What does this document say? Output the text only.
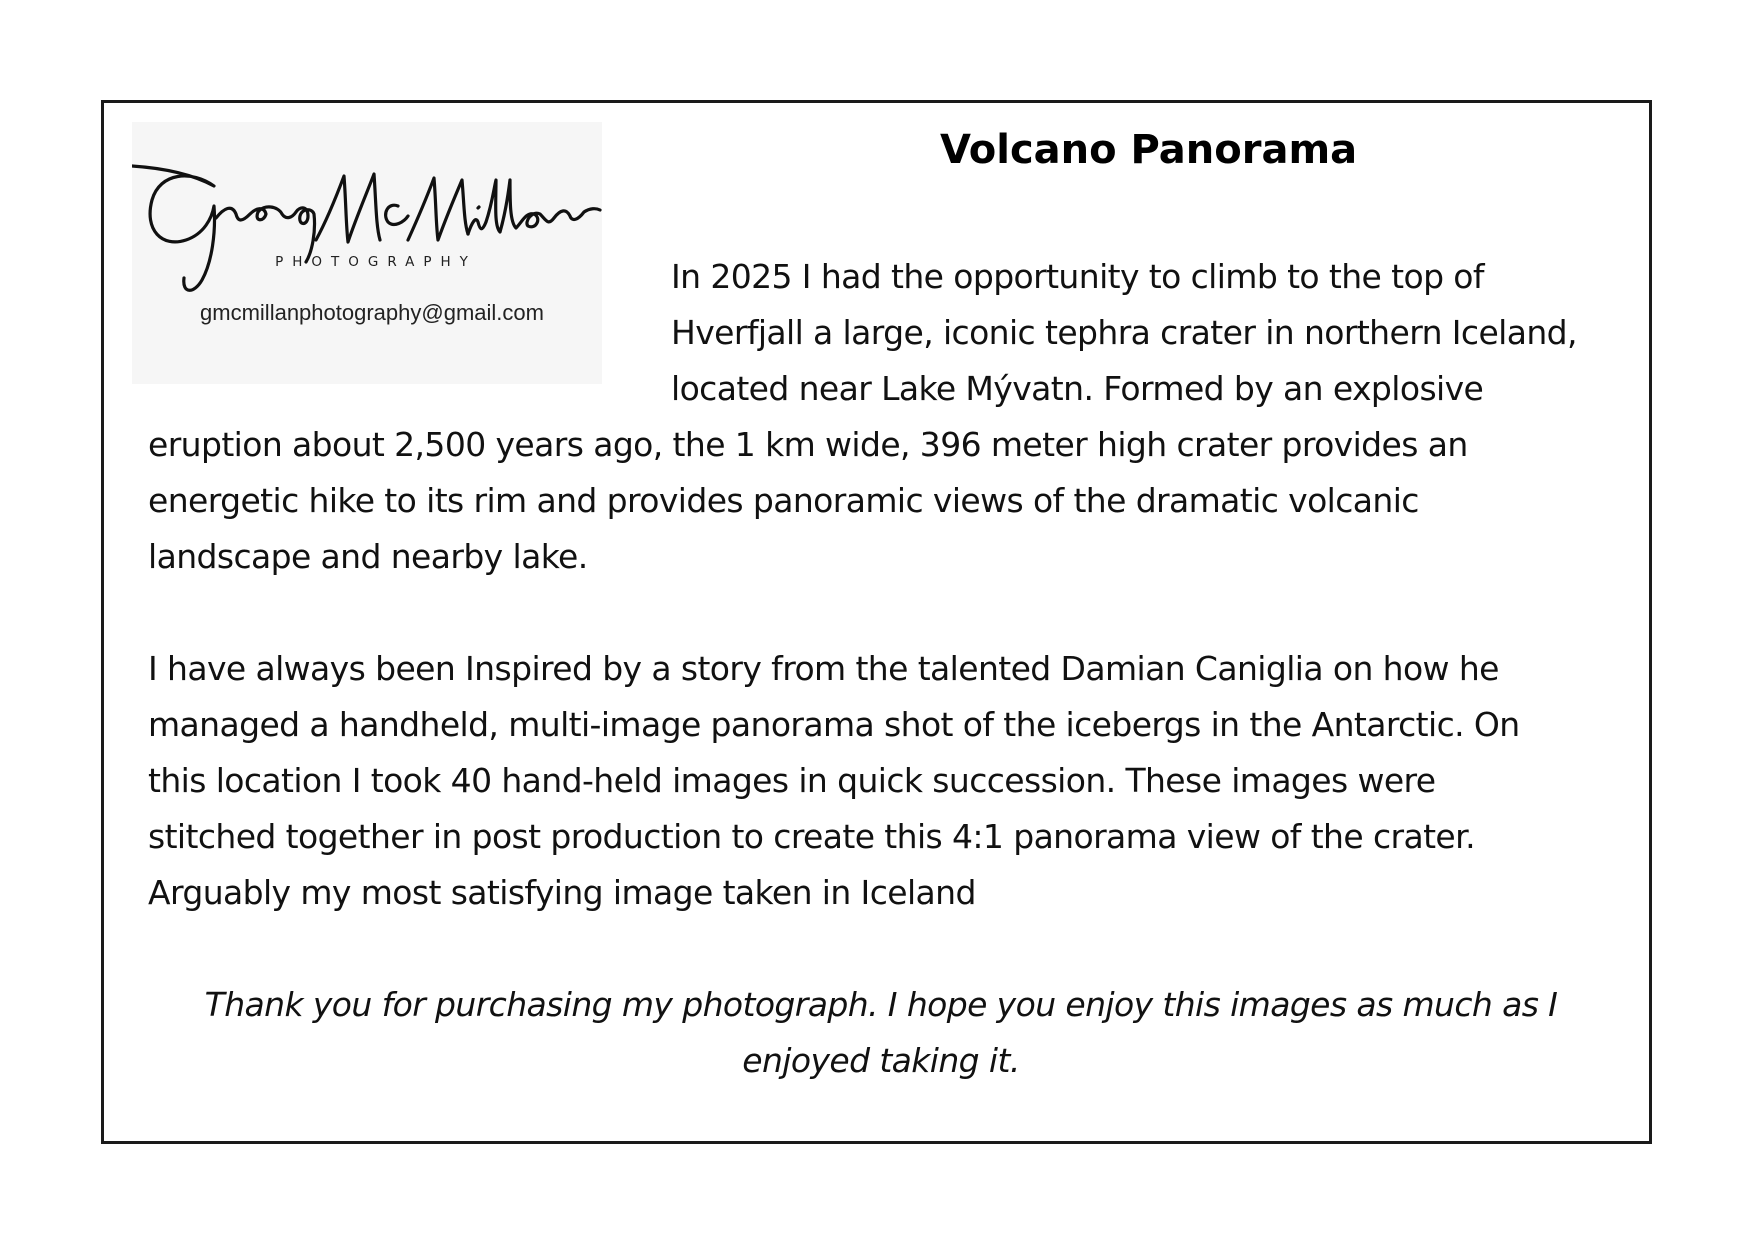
PHOTOGRAPHY
gmcmillanphotography@gmail.com
Volcano Panorama
In 2025 I had the opportunity to climb to the top of
Hverfjall a large, iconic tephra crater in northern Iceland,
located near Lake Mývatn. Formed by an explosive
eruption about 2,500 years ago, the 1 km wide, 396 meter high crater provides an
energetic hike to its rim and provides panoramic views of the dramatic volcanic
landscape and nearby lake.
I have always been Inspired by a story from the talented Damian Caniglia on how he
managed a handheld, multi-image panorama shot of the icebergs in the Antarctic. On
this location I took 40 hand-held images in quick succession. These images were
stitched together in post production to create this 4:1 panorama view of the crater.
Arguably my most satisfying image taken in Iceland
Thank you for purchasing my photograph. I hope you enjoy this images as much as I
enjoyed taking it.
